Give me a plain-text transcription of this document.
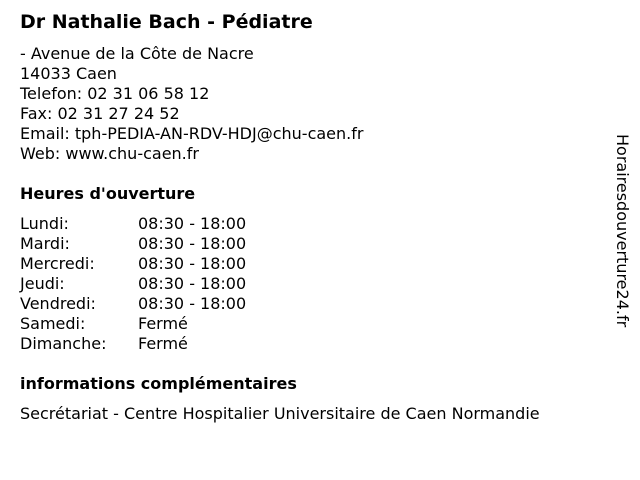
Dr Nathalie Bach - Pédiatre
- Avenue de la Côte de Nacre
14033 Caen
Telefon: 02 31 06 58 12
Fax: 02 31 27 24 52
Email: tph-PEDIA-AN-RDV-HDJ@chu-caen.fr
Web: www.chu-caen.fr
Heures d'ouverture
Lundi:	08:30 - 18:00
Mardi:	08:30 - 18:00
Mercredi:	08:30 - 18:00
Jeudi:	08:30 - 18:00
Vendredi:	08:30 - 18:00
Samedi:	Fermé
Dimanche: Fermé
informations complémentaires
Secrétariat - Centre Hospitalier Universitaire de Caen Normandie
Horairesdouverture24.fr
